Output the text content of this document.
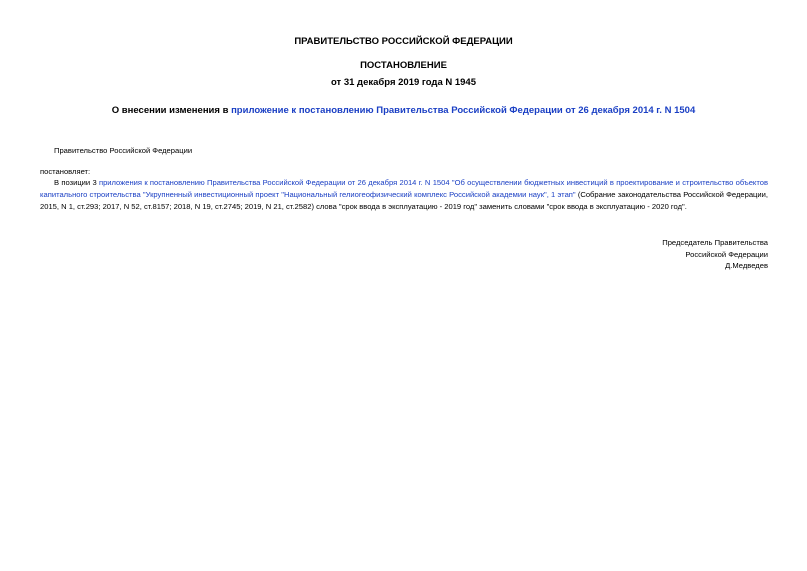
ПРАВИТЕЛЬСТВО РОССИЙСКОЙ ФЕДЕРАЦИИ
ПОСТАНОВЛЕНИЕ
от 31 декабря 2019 года N 1945
О внесении изменения в приложение к постановлению Правительства Российской Федерации от 26 декабря 2014 г. N 1504
Правительство Российской Федерации
постановляет:
В позиции 3 приложения к постановлению Правительства Российской Федерации от 26 декабря 2014 г. N 1504 "Об осуществлении бюджетных инвестиций в проектирование и строительство объектов капитального строительства "Укрупненный инвестиционный проект "Национальный гелиогеофизический комплекс Российской академии наук", 1 этап" (Собрание законодательства Российской Федерации, 2015, N 1, ст.293; 2017, N 52, ст.8157; 2018, N 19, ст.2745; 2019, N 21, ст.2582) слова "срок ввода в эксплуатацию - 2019 год" заменить словами "срок ввода в эксплуатацию - 2020 год".
Председатель Правительства
Российской Федерации
Д.Медведев
